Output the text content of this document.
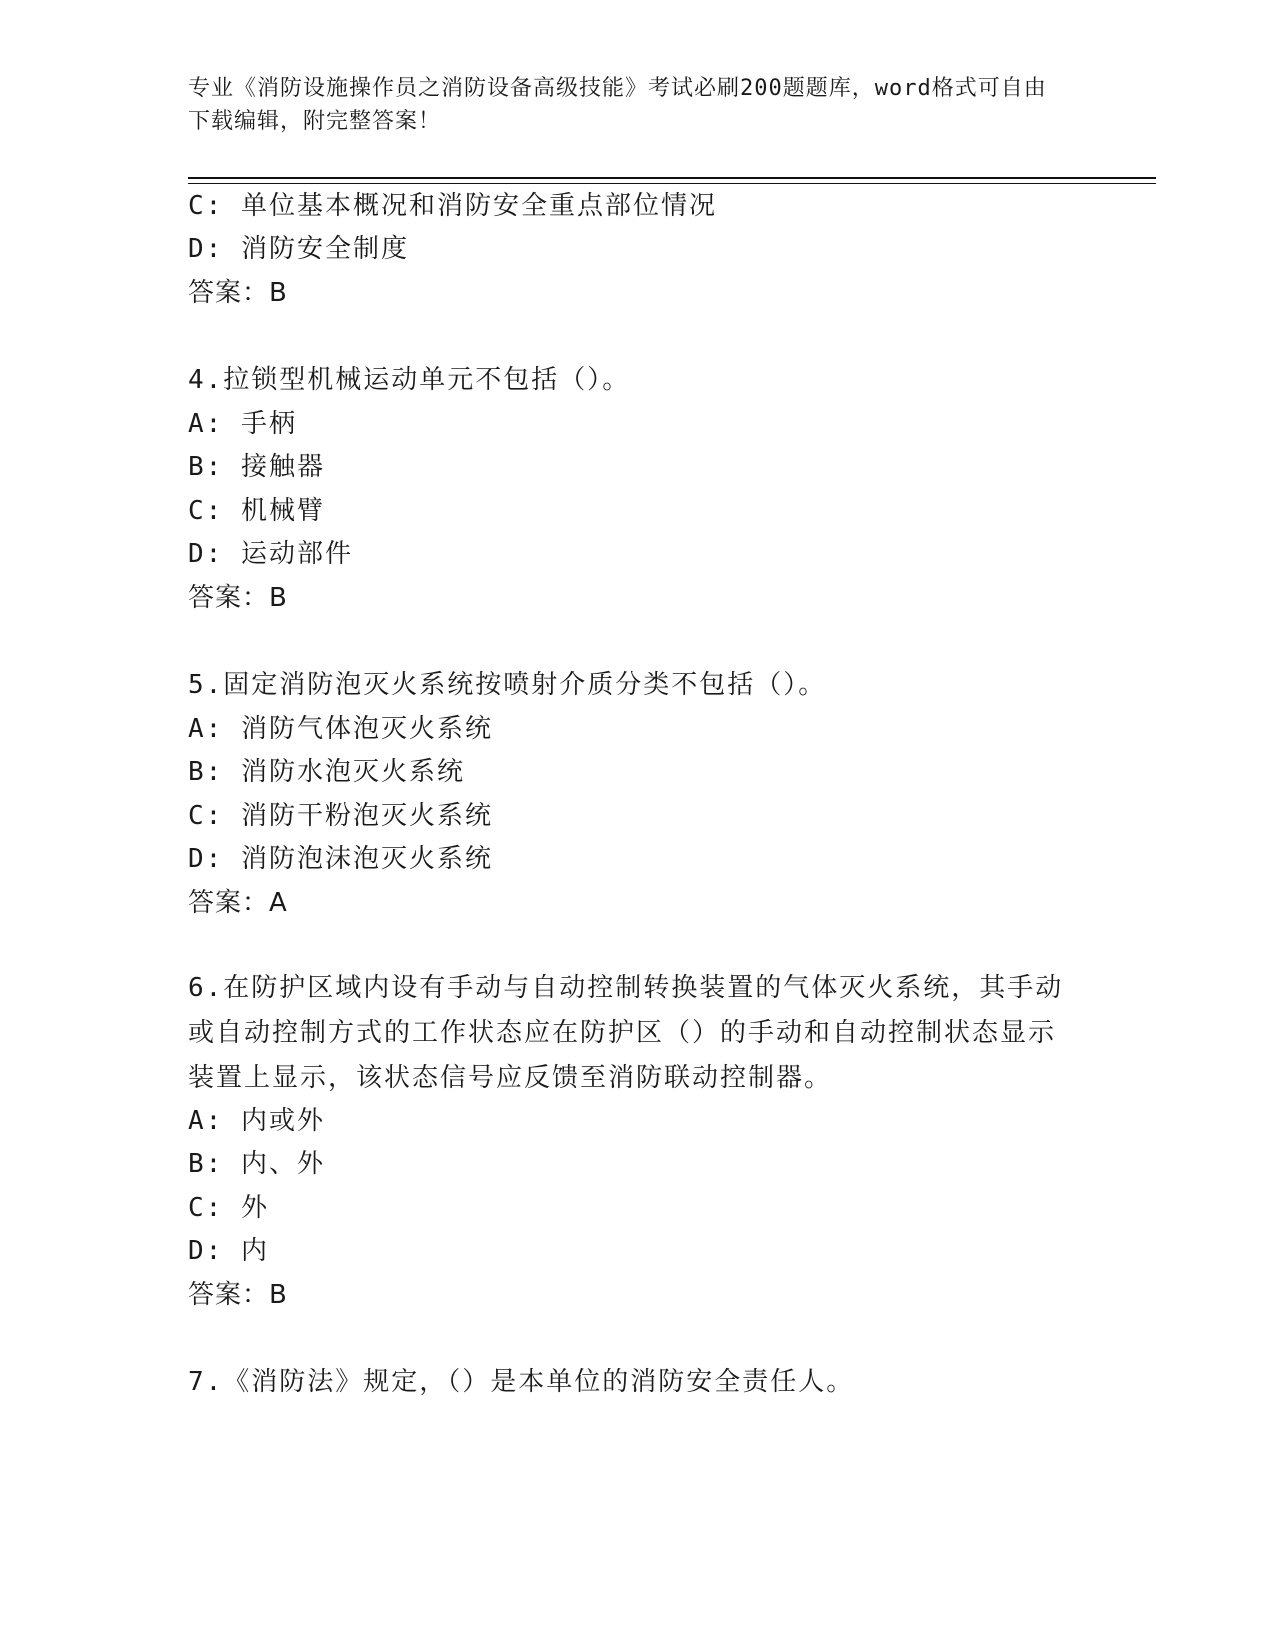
专业《消防设施操作员之消防设备高级技能》考试必刷200题题库，word格式可自由下载编辑，附完整答案！
C: 单位基本概况和消防安全重点部位情况
D: 消防安全制度
答案：B
4.拉锁型机械运动单元不包括（）。
A: 手柄
B: 接触器
C: 机械臂
D: 运动部件
答案：B
5.固定消防泡灭火系统按喷射介质分类不包括（）。
A: 消防气体泡灭火系统
B: 消防水泡灭火系统
C: 消防干粉泡灭火系统
D: 消防泡沫泡灭火系统
答案：A
6.在防护区域内设有手动与自动控制转换装置的气体灭火系统，其手动或自动控制方式的工作状态应在防护区（）的手动和自动控制状态显示装置上显示，该状态信号应反馈至消防联动控制器。
A: 内或外
B: 内、外
C: 外
D: 内
答案：B
7.《消防法》规定，（）是本单位的消防安全责任人。
